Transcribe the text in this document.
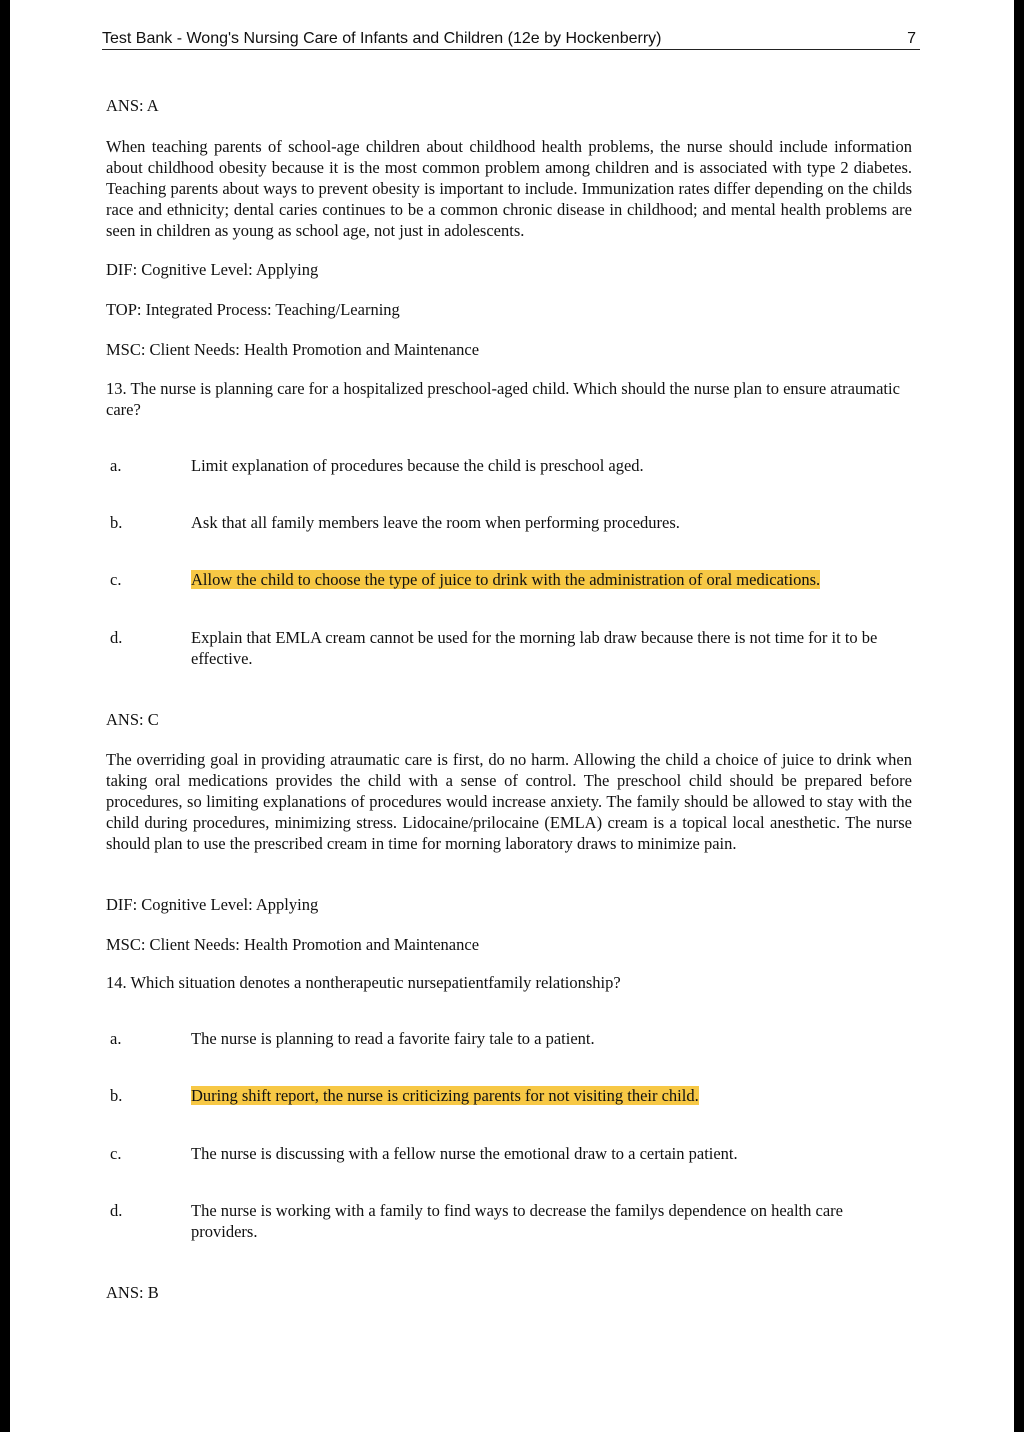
Test Bank - Wong's Nursing Care of Infants and Children (12e by Hockenberry)	7

ANS: A

When teaching parents of school-age children about childhood health problems, the nurse should include information about childhood obesity because it is the most common problem among children and is associated with type 2 diabetes. Teaching parents about ways to prevent obesity is important to include. Immunization rates differ depending on the childs race and ethnicity; dental caries continues to be a common chronic disease in childhood; and mental health problems are seen in children as young as school age, not just in adolescents.

DIF: Cognitive Level: Applying

TOP: Integrated Process: Teaching/Learning

MSC: Client Needs: Health Promotion and Maintenance

13. The nurse is planning care for a hospitalized preschool-aged child. Which should the nurse plan to ensure atraumatic care?

a.	Limit explanation of procedures because the child is preschool aged.
b.	Ask that all family members leave the room when performing procedures.
c.	Allow the child to choose the type of juice to drink with the administration of oral medications.
d.	Explain that EMLA cream cannot be used for the morning lab draw because there is not time for it to be effective.

ANS: C

The overriding goal in providing atraumatic care is first, do no harm. Allowing the child a choice of juice to drink when taking oral medications provides the child with a sense of control. The preschool child should be prepared before procedures, so limiting explanations of procedures would increase anxiety. The family should be allowed to stay with the child during procedures, minimizing stress. Lidocaine/prilocaine (EMLA) cream is a topical local anesthetic. The nurse should plan to use the prescribed cream in time for morning laboratory draws to minimize pain.

DIF: Cognitive Level: Applying

MSC: Client Needs: Health Promotion and Maintenance

14. Which situation denotes a nontherapeutic nursepatientfamily relationship?

a.	The nurse is planning to read a favorite fairy tale to a patient.
b.	During shift report, the nurse is criticizing parents for not visiting their child.
c.	The nurse is discussing with a fellow nurse the emotional draw to a certain patient.
d.	The nurse is working with a family to find ways to decrease the familys dependence on health care providers.

ANS: B
